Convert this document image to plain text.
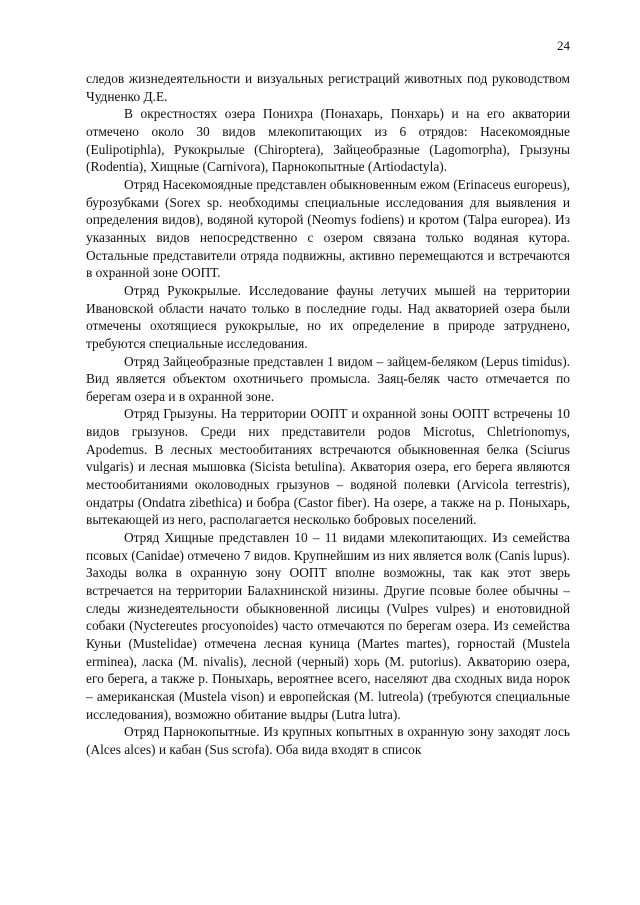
24

следов жизнедеятельности и визуальных регистраций животных под руководством Чудненко Д.Е.

В окрестностях озера Понихра (Понахарь, Понхарь) и на его акватории отмечено около 30 видов млекопитающих из 6 отрядов: Насекомоядные (Eulipotiphla), Рукокрылые (Chiroptera), Зайцеобразные (Lagomorpha), Грызуны (Rodentia), Хищные (Carnivora), Парнокопытные (Artiodactyla).

Отряд Насекомоядные представлен обыкновенным ежом (Erinaceus europeus), бурозубками (Sorex sp. необходимы специальные исследования для выявления и определения видов), водяной куторой (Neomys fodiens) и кротом (Talpa europea). Из указанных видов непосредственно с озером связана только водяная кутора. Остальные представители отряда подвижны, активно перемещаются и встречаются в охранной зоне ООПТ.

Отряд Рукокрылые. Исследование фауны летучих мышей на территории Ивановской области начато только в последние годы. Над акваторией озера были отмечены охотящиеся рукокрылые, но их определение в природе затруднено, требуются специальные исследования.

Отряд Зайцеобразные представлен 1 видом – зайцем-беляком (Lepus timidus). Вид является объектом охотничьего промысла. Заяц-беляк часто отмечается по берегам озера и в охранной зоне.

Отряд Грызуны. На территории ООПТ и охранной зоны ООПТ встречены 10 видов грызунов. Среди них представители родов Microtus, Chletrionomys, Apodemus. В лесных местообитаниях встречаются обыкновенная белка (Sciurus vulgaris) и лесная мышовка (Sicista betulina). Акватория озера, его берега являются местообитаниями околоводных грызунов – водяной полевки (Arvicola terrestris), ондатры (Ondatra zibethica) и бобра (Castor fiber). На озере, а также на р. Поныхарь, вытекающей из него, располагается несколько бобровых поселений.

Отряд Хищные представлен 10 – 11 видами млекопитающих. Из семейства псовых (Canidae) отмечено 7 видов. Крупнейшим из них является волк (Canis lupus). Заходы волка в охранную зону ООПТ вполне возможны, так как этот зверь встречается на территории Балахнинской низины. Другие псовые более обычны – следы жизнедеятельности обыкновенной лисицы (Vulpes vulpes) и енотовидной собаки (Nyctereutes procyonoides) часто отмечаются по берегам озера. Из семейства Куньи (Mustelidae) отмечена лесная куница (Martes martes), горностай (Mustela erminea), ласка (M. nivalis), лесной (черный) хорь (M. putorius). Акваторию озера, его берега, а также р. Поныхарь, вероятнее всего, населяют два сходных вида норок – американская (Mustela vison) и европейская (M. lutreola) (требуются специальные исследования), возможно обитание выдры (Lutra lutra).

Отряд Парнокопытные. Из крупных копытных в охранную зону заходят лось (Alces alces) и кабан (Sus scrofa). Оба вида входят в список
